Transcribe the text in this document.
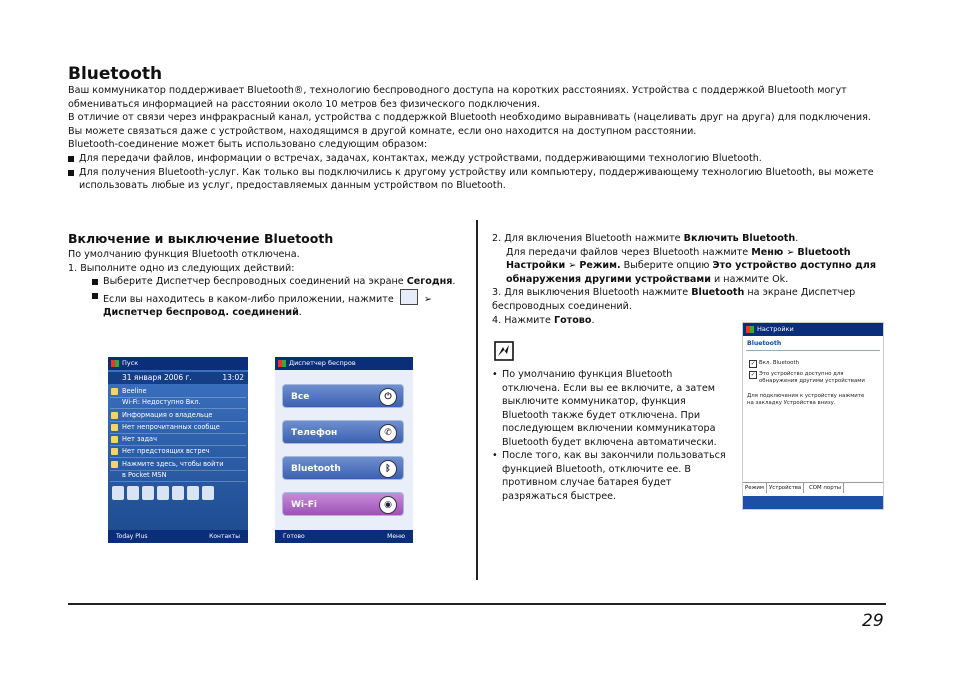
Bluetooth

Ваш коммуникатор поддерживает Bluetooth®, технологию беспроводного доступа на коротких расстояниях. Устройства с поддержкой Bluetooth могут обмениваться информацией на расстоянии около 10 метров без физического подключения.

В отличие от связи через инфракрасный канал, устройства с поддержкой Bluetooth необходимо выравнивать (нацеливать друг на друга) для подключения. Вы можете связаться даже с устройством, находящимся в другой комнате, если оно находится на доступном расстоянии.

Bluetooth-соединение может быть использовано следующим образом:

Для передачи файлов, информации о встречах, задачах, контактах, между устройствами, поддерживающими технологию Bluetooth.

Для получения Bluetooth-услуг. Как только вы подключились к другому устройству или компьютеру, поддерживающему технологию Bluetooth, вы можете использовать любые из услуг, предоставляемых данным устройством по Bluetooth.

Включение и выключение Bluetooth

По умолчанию функция Bluetooth отключена.

1. Выполните одно из следующих действий:

Выберите Диспетчер беспроводных соединений на экране Сегодня.

Если вы находитесь в каком-либо приложении, нажмите	➢
Диспетчер беспровод. соединений.

Пуск
31 января 2006 г.	13:02
Beeline
Wi-Fi: Недоступно Вкл.
Информация о владельце
Нет непрочитанных сообще
Нет задач
Нет предстоящих встреч
Нажмите здесь, чтобы войти
в Pocket MSN
Today Plus	Контакты
Диспетчер беспров
Все	⏻
Телефон	✆
Bluetooth	ᛒ
Wi-Fi	◉
Готово	Меню

2. Для включения Bluetooth нажмите Включить Bluetooth.

Для передачи файлов через Bluetooth нажмите Меню ➢ Bluetooth Настройки ➢ Режим. Выберите опцию Это устройство доступно для обнаружения другими устройствами и нажмите Ok.

3. Для выключения Bluetooth нажмите Bluetooth на экране Диспетчер беспроводных соединений.

4. Нажмите Готово.

• По умолчанию функция Bluetooth отключена. Если вы ее включите, а затем выключите коммуникатор, функция Bluetooth также будет отключена. При последующем включении коммуникатора Bluetooth будет включена автоматически.

• После того, как вы закончили пользоваться функцией Bluetooth, отключите ее. В противном случае батарея будет разряжаться быстрее.

Настройки
Bluetooth
✓ Вкл. Bluetooth
✓ Это устройство доступно для
обнаружения другими устройствами
Для подключения к устройству нажмите
на закладку Устройства внизу.
Режим Устройства	COM порты
29
